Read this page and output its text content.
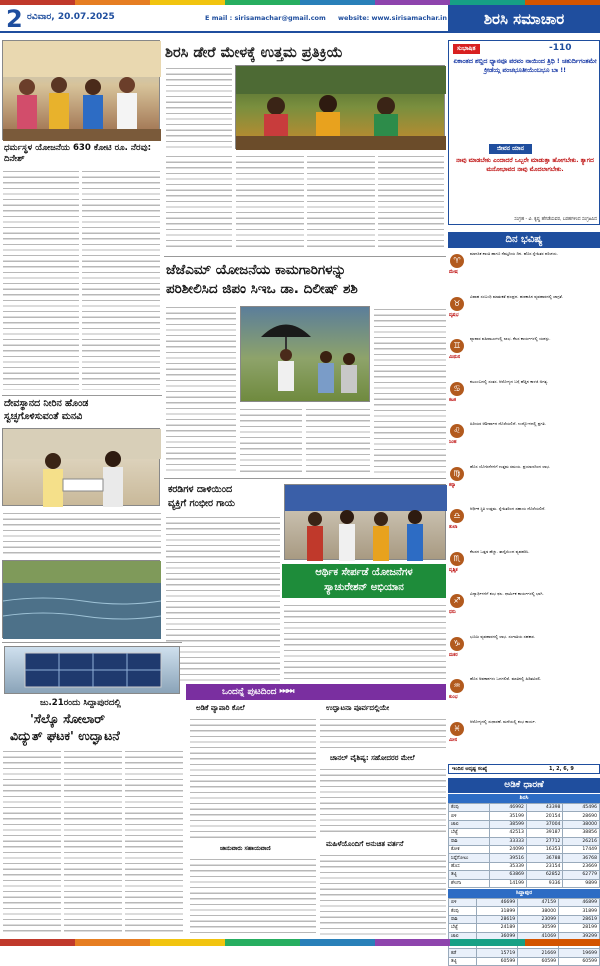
2 ರವಿವಾರ, 20.07.2025	E mail : sirisamachar@gmail.com website: www.sirisamachar.in	ಶಿರಸಿ ಸಮಾಚಾರ
ಶಿರಸಿ ಡೇರೆ ಮೇಳಕ್ಕೆ ಉತ್ತಮ ಪ್ರತಿಕ್ರಿಯೆ
ಧರ್ಮಸ್ಥಳ ಯೋಜನೆಯ 630 ಕೋಟಿ ರೂ. ನೆರವು: ದಿನೇಶ್
ಜೆಜೆಎಮ್ ಯೋಜನೆಯ ಕಾಮಗಾರಿಗಳನ್ನು
ಪರಿಶೀಲಿಸಿದ ಜಿಪಂ ಸಿಇಒ ಡಾ. ದಿಲೀಷ್ ಶಶಿ
ದೇವಸ್ಥಾನದ ನೀರಿನ ಹೊಂಡ
ಸ್ವಚ್ಛಗೊಳಿಸುವಂತೆ ಮನವಿ
ಕರಡಿಗಳ ದಾಳಿಯಿಂದ
ವ್ಯಕ್ತಿಗೆ ಗಂಭೀರ ಗಾಯ
ಆರ್ಥಿಕ ಸೇರ್ಪಡೆ ಯೋಜನೆಗಳ
ಸ್ಯಾಚುರೇಶನ್ ಅಭಿಯಾನ
ಒಂದನ್ನೆ ಪುಟದಿಂದ ⏭⏭
ಜು.21ರಂದು ಸಿದ್ದಾಪುರದಲ್ಲಿ
'ಸೆಲ್ಕೊ ಸೋಲಾರ್
ವಿದ್ಯುತ್ ಘಟಕ' ಉದ್ಘಾಟನೆ
ಅಡಿಕೆ ವ್ಯಾಪಾರಿ ಕೊಲೆ
ಜಾನುವಾರು ಸಹಾಯವಾಣಿ
ಉದ್ಘಾಟನಾ ಪೂರ್ವದಲ್ಲಿಯೇ
ಚಾನಲ್ ವೈಶಿಷ್ಯ: ಸಹೋದರರ ಮೇಲೆ
ಮಹಿಳೆಯೊಂದಿಗೆ ಅನುಚಿತ ವರ್ತನೆ
ಸುಭಾಷಿತ	-110
ಏಕಾಂತದ ಶಬ್ದಿದ ಧ್ಯಾನವೂ ಪರವಂ ನಾಯಿಂದ ತ್ರಿಧಿ ! ಚತುರ್ದಿಗಂತಮೇ ಕ್ರೀಡೆಯ್ಗ ಪಂಚಭೂತೀಯೆಂಬಭೂ ಬಾ !!
ಜೀವನ ಯಾನ
ನಾವು ಮಾಡಬೇಕು ಎಂದಾದರೆ ಒಬ್ಬರೇ ಮಾಡುತ್ತಾ ಹೋಗಬೇಕು. ತ್ಯಾಗದ ಮನೋಭಾವದ ನಾವು ಮೊದಲಾಗಬೇಕು.
ಸಂಗ್ರಹ - ವಿ. ಕೃಷ್ಣ ಹೆಗಡೆಯವರ, ಬರಹಗಳಿಂದ ಸಂಗ್ರಹಿಸಿದ
ದಿನ ಭವಿಷ್ಯ
♈
ಮೇಷ
ಮಾನಸಿಕ ಶಾಂತಿ ಹಾಗೂ ನೆಮ್ಮದಿಯ ದಿನ. ಹೊಸ ಸ್ನೇಹಿತರ ಪರಿಚಯ.
♉
ವೃಷಭ
ವಿವಾಹ ಸಂಬಂಧಿ ಮಾತುಕತೆ ಫಲಪ್ರದ. ಹಣಕಾಸಿನ ವ್ಯವಹಾರದಲ್ಲಿ ಜಾಗ್ರತೆ.
♊
ಮಿಥುನ
ವ್ಯಾಪಾರ ವಹಿವಾಟುಗಳಲ್ಲಿ ಲಾಭ. ಕೆಲಸ ಕಾರ್ಯಗಳಲ್ಲಿ ಯಶಸ್ಸು.
♋
ಕಟಕ
ಕುಟುಂಬದಲ್ಲಿ ಸಂತಸ. ಆರೋಗ್ಯದ ಬಗ್ಗೆ ಹೆಚ್ಚಿನ ಕಾಳಜಿ ಅಗತ್ಯ.
♌
ಸಿಂಹ
ಹಿರಿಯರ ಆಶೀರ್ವಾದ ದೊರೆಯಲಿದೆ. ಉದ್ಯೋಗದಲ್ಲಿ ಪ್ರಗತಿ.
♍
ಕನ್ಯಾ
ಹೊಸ ಯೋಜನೆಗಳಿಗೆ ಉತ್ತಮ ಸಮಯ. ಪ್ರಯಾಣದಿಂದ ಲಾಭ.
♎
ತುಲಾ
ಆರ್ಥಿಕ ಸ್ಥಿತಿ ಉತ್ತಮ. ಸ್ನೇಹಿತರಿಂದ ಸಹಾಯ ದೊರೆಯಲಿದೆ.
♏
ವೃಶ್ಚಿಕ
ಕೆಲಸದ ಒತ್ತಡ ಹೆಚ್ಚು. ತಾಳ್ಮೆಯಿಂದ ವ್ಯವಹರಿಸಿ.
♐
ಧನು
ವಿದ್ಯಾರ್ಥಿಗಳಿಗೆ ಶುಭ ಫಲ. ಧಾರ್ಮಿಕ ಕಾರ್ಯಗಳಲ್ಲಿ ಭಾಗಿ.
♑
ಮಕರ
ಭೂಮಿ ವ್ಯವಹಾರದಲ್ಲಿ ಲಾಭ. ಸಂಗಾತಿಯ ಸಹಕಾರ.
♒
ಕುಂಭ
ಹೊಸ ಅವಕಾಶಗಳು ಒದಗಲಿವೆ. ಮಾತಿನಲ್ಲಿ ಹಿಡಿತವಿರಲಿ.
♓
ಮೀನ
ಆರೋಗ್ಯದಲ್ಲಿ ಸುಧಾರಣೆ. ಮನೆಯಲ್ಲಿ ಶುಭ ಕಾರ್ಯ.
ಇಂದಿನ ಅದೃಷ್ಟ ಸಂಖ್ಯೆ	1, 2, 6, 9
ಅಡಿಕೆ ಧಾರಣೆ
ಶಿರಸಿ
ಕೆಂಪು	46992	43398	45496
ಬಿಳಿ	35199	20154	28690
ಚಾಲಿ	38599	37004	38000
ಬೆಟ್ಟೆ	42513	39187	38856
ರಾಶಿ	33333	27712	26216
ಕೋಕ	24099	16353	17449
ಸಿಪ್ಪೆಗೋಟು	39516	36788	36768
ಹೊಸ	35339	23154	23669
ತಟ್ಟಿ	63869	62852	62779
ಶೇಂಗಾ	14199	9336	9899
ಸಿದ್ದಾಪುರ
ಬಿಳಿ	46699	47159	46899
ಕೆಂಪು	31899	38000	31899
ರಾಶಿ	28619	23099	28619
ಬೆಟ್ಟೆ	24189	30599	28199
ಚಾಲಿ	36099	41069	39299

ಕಡೆ	15719	21669	19699
ತಟ್ಟಿ	60599	60599	60599
